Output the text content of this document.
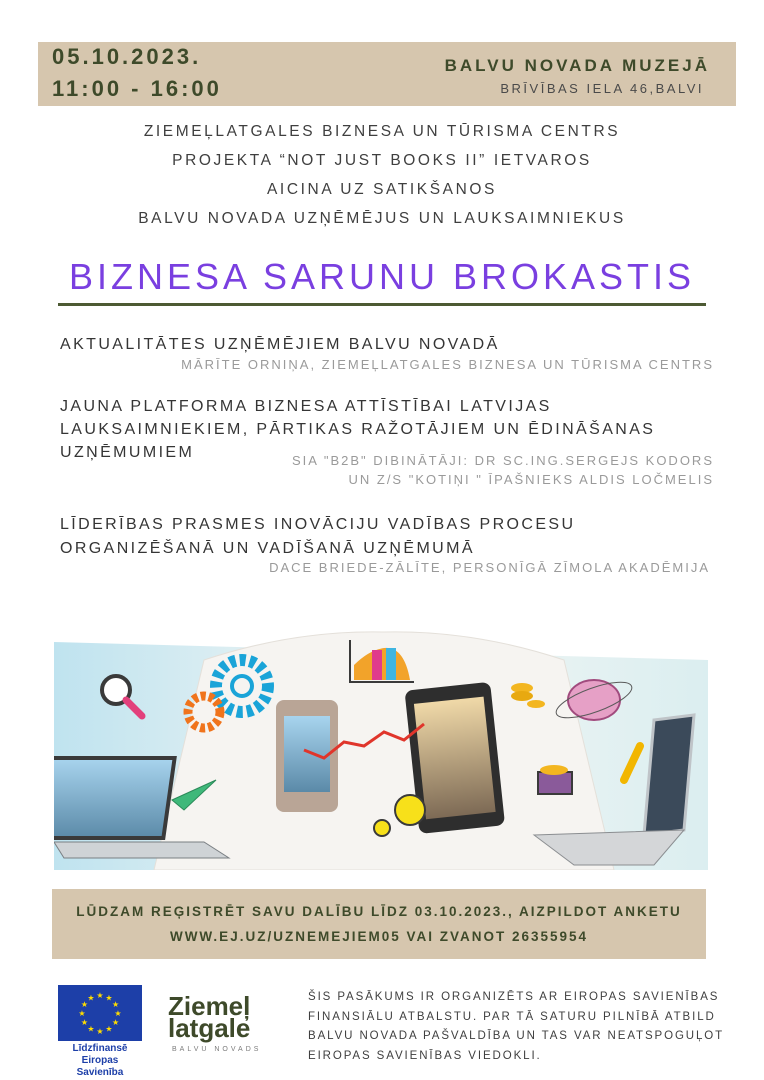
05.10.2023.
11:00 - 16:00
BALVU NOVADA MUZEJĀ
BRĪVĪBAS IELA 46,BALVI
ZIEMEĻLATGALES BIZNESA UN TŪRISMA CENTRS
PROJEKTA “NOT JUST BOOKS II” IETVAROS
AICINA UZ SATIKŠANOS
BALVU NOVADA UZŅĒMĒJUS UN LAUKSAIMNIEKUS
BIZNESA SARUNU BROKASTIS
AKTUALITĀTES UZŅĒMĒJIEM BALVU NOVADĀ
MĀRĪTE ORNIŅA, ZIEMEĻLATGALES BIZNESA UN TŪRISMA CENTRS
JAUNA PLATFORMA BIZNESA ATTĪSTĪBAI LATVIJAS
LAUKSAIMNIEKIEM, PĀRTIKAS RAŽOTĀJIEM UN ĒDINĀŠANAS
UZŅĒMUMIEM	SIA "B2B" DIBINĀTĀJI: DR SC.ING.SERGEJS KODORS
UN Z/S "KOTIŅI " ĪPAŠNIEKS ALDIS LOČMELIS
LĪDERĪBAS PRASMES INOVĀCIJU VADĪBAS PROCESU
ORGANIZĒŠANĀ UN VADĪŠANĀ UZŅĒMUMĀ
DACE BRIEDE-ZĀLĪTE, PERSONĪGĀ ZĪMOLA AKADĒMIJA
LŪDZAM REĢISTRĒT SAVU DALĪBU LĪDZ 03.10.2023., AIZPILDOT ANKETU
WWW.EJ.UZ/UZNEMEJIEM05 VAI ZVANOT 26355954
★ ★
★
★
★
★
★
★
★
★
★
★
Līdzfinansē
Eiropas Savienība
Ziemeļ
latgale
BALVU NOVADS
ŠIS PASĀKUMS IR ORGANIZĒTS AR EIROPAS SAVIENĪBAS
FINANSIĀLU ATBALSTU. PAR TĀ SATURU PILNĪBĀ ATBILD
BALVU NOVADA PAŠVALDĪBA UN TAS VAR NEATSPOGUĻOT
EIROPAS SAVIENĪBAS VIEDOKLI.
